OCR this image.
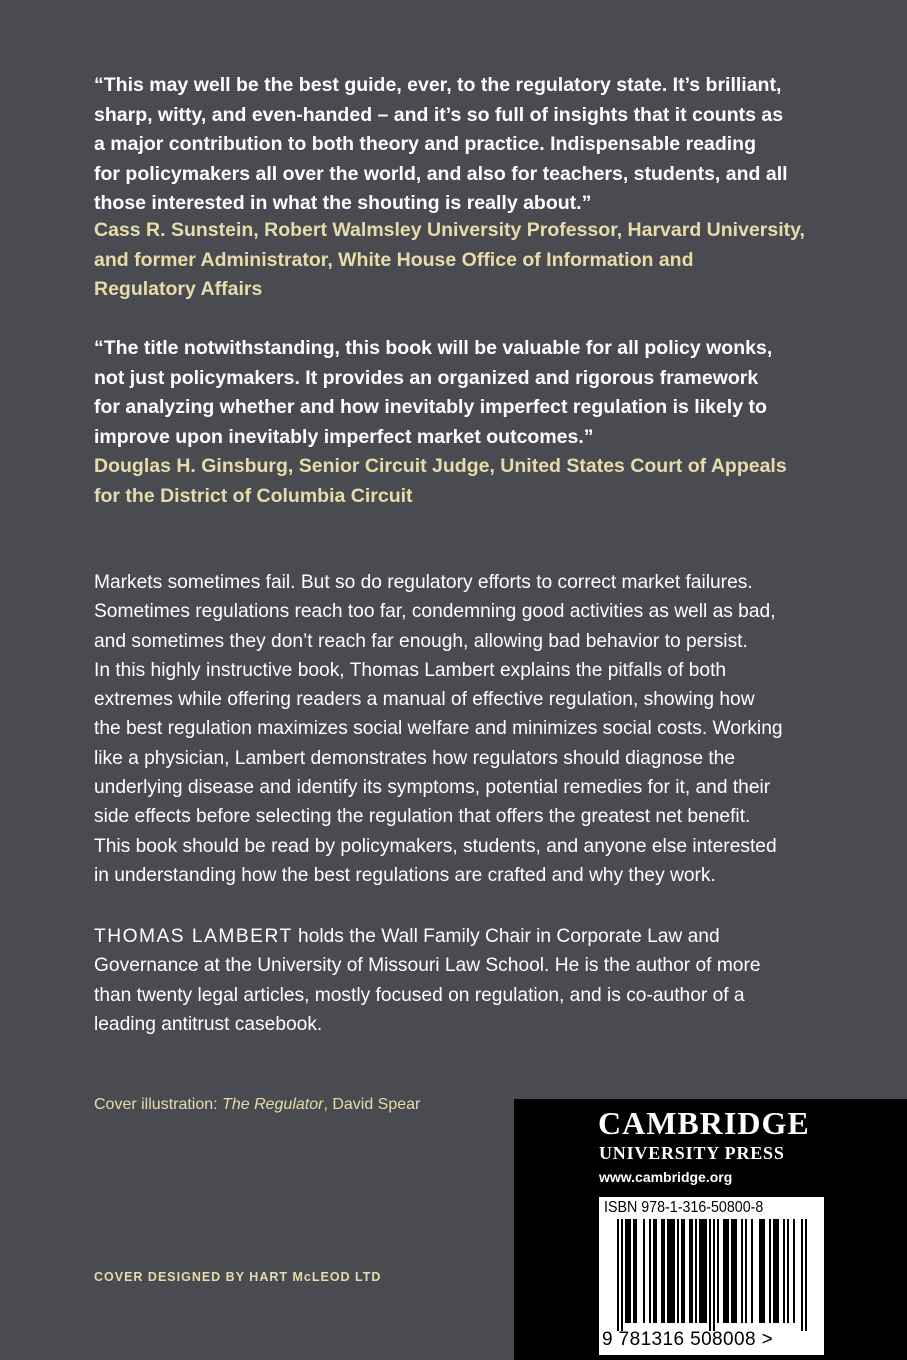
“This may well be the best guide, ever, to the regulatory state. It’s brilliant,
sharp, witty, and even-handed – and it’s so full of insights that it counts as
a major contribution to both theory and practice. Indispensable reading
for policymakers all over the world, and also for teachers, students, and all
those interested in what the shouting is really about.”
Cass R. Sunstein, Robert Walmsley University Professor, Harvard University,
and former Administrator, White House Office of Information and
Regulatory Affairs
“The title notwithstanding, this book will be valuable for all policy wonks,
not just policymakers. It provides an organized and rigorous framework
for analyzing whether and how inevitably imperfect regulation is likely to
improve upon inevitably imperfect market outcomes.”
Douglas H. Ginsburg, Senior Circuit Judge, United States Court of Appeals
for the District of Columbia Circuit
Markets sometimes fail. But so do regulatory efforts to correct market failures.
Sometimes regulations reach too far, condemning good activities as well as bad,
and sometimes they don’t reach far enough, allowing bad behavior to persist.
In this highly instructive book, Thomas Lambert explains the pitfalls of both
extremes while offering readers a manual of effective regulation, showing how
the best regulation maximizes social welfare and minimizes social costs. Working
like a physician, Lambert demonstrates how regulators should diagnose the
underlying disease and identify its symptoms, potential remedies for it, and their
side effects before selecting the regulation that offers the greatest net benefit.
This book should be read by policymakers, students, and anyone else interested
in understanding how the best regulations are crafted and why they work.
THOMAS LAMBERT holds the Wall Family Chair in Corporate Law and
Governance at the University of Missouri Law School. He is the author of more
than twenty legal articles, mostly focused on regulation, and is co-author of a
leading antitrust casebook.
Cover illustration: The Regulator, David Spear
COVER DESIGNED BY HART McLEOD LTD
CAMBRIDGE
UNIVERSITY PRESS
www.cambridge.org
ISBN 978-1-316-50800-8
9 781316 508008 >
